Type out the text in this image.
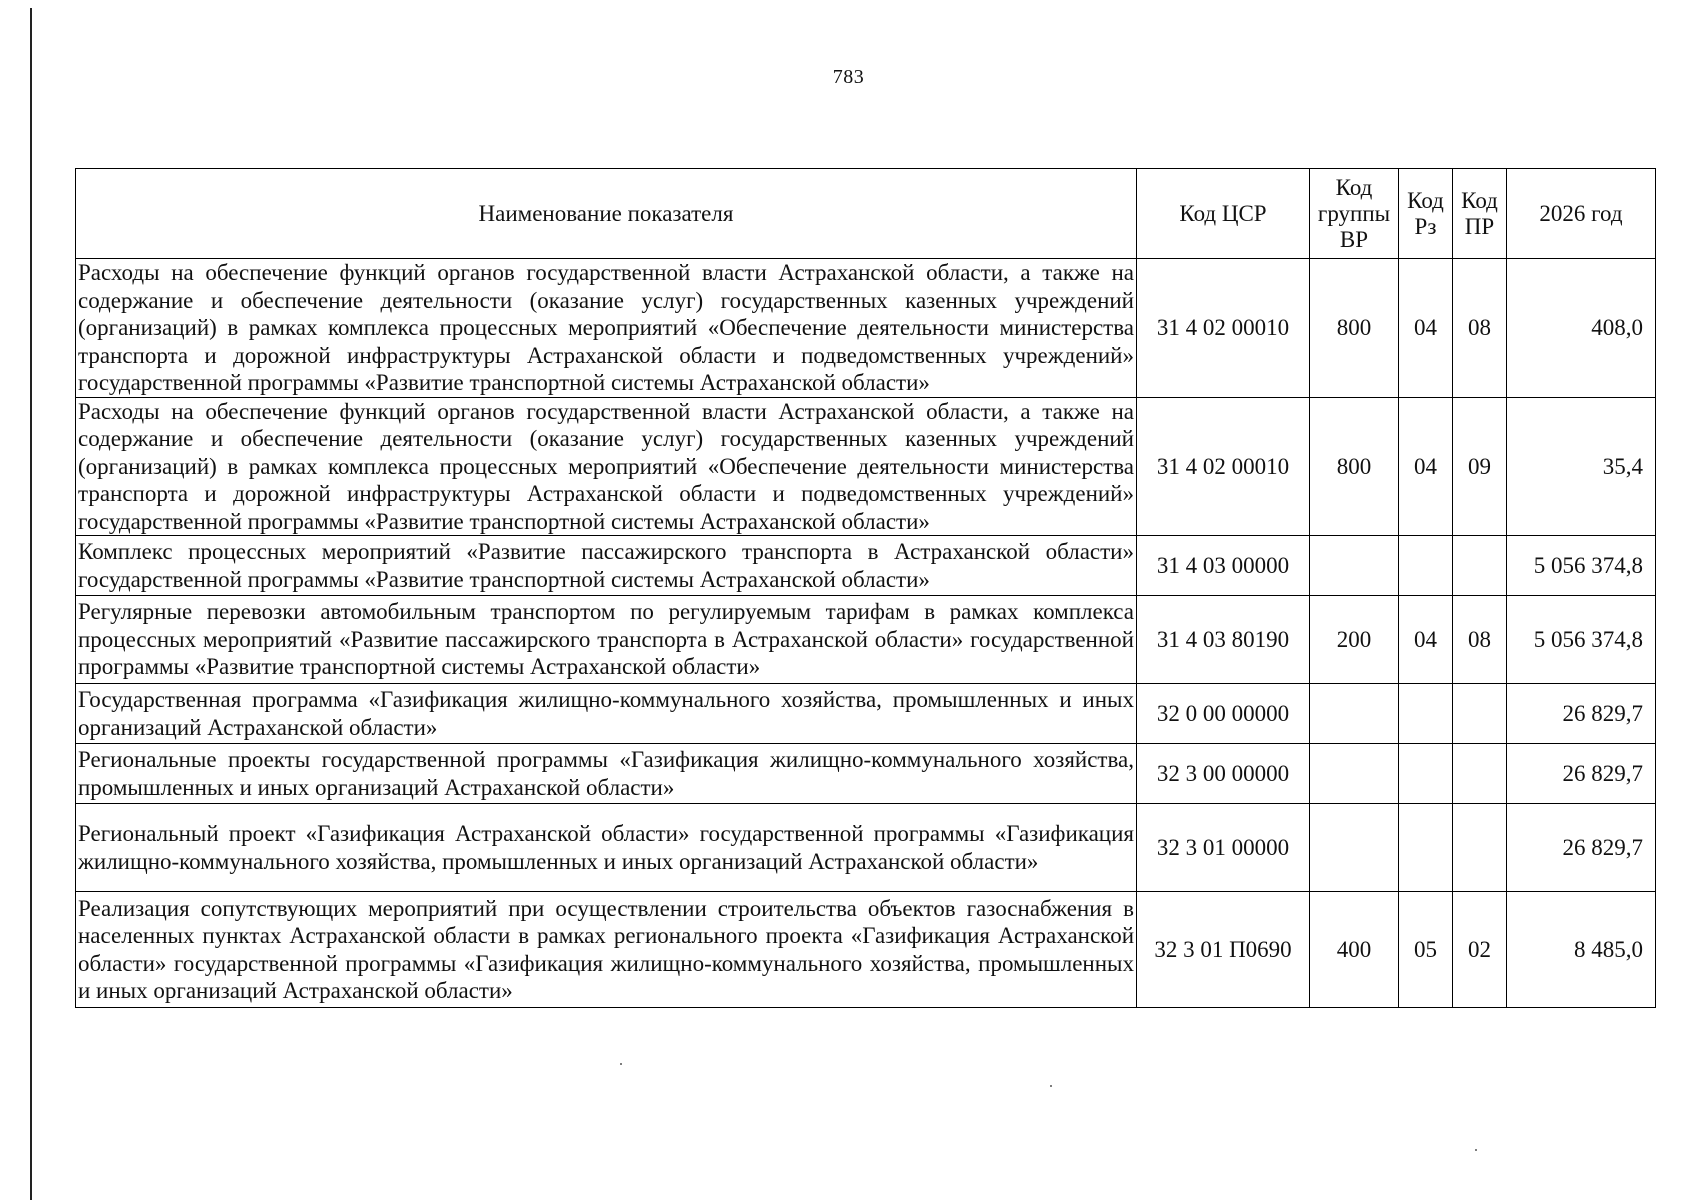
783
Наименование показателя	Код ЦСР	Код группы ВР	Код Рз	Код ПР	2026 год
Расходы на обеспечение функций органов государственной власти Астраханской области, а также на содержание и обеспечение деятельности (оказание услуг) государственных казенных учреждений (организаций) в рамках комплекса процессных мероприятий «Обеспечение деятельности министерства транспорта и дорожной инфраструктуры Астраханской области и подведомственных учреждений» государственной программы «Развитие транспортной системы Астраханской области»	31 4 02 00010	800	04	08	408,0
Расходы на обеспечение функций органов государственной власти Астраханской области, а также на содержание и обеспечение деятельности (оказание услуг) государственных казенных учреждений (организаций) в рамках комплекса процессных мероприятий «Обеспечение деятельности министерства транспорта и дорожной инфраструктуры Астраханской области и подведомственных учреждений» государственной программы «Развитие транспортной системы Астраханской области»	31 4 02 00010	800	04	09	35,4
Комплекс процессных мероприятий «Развитие пассажирского транспорта в Астраханской области» государственной программы «Развитие транспортной системы Астраханской области»	31 4 03 00000				5 056 374,8
Регулярные перевозки автомобильным транспортом по регулируемым тарифам в рамках комплекса процессных мероприятий «Развитие пассажирского транспорта в Астраханской области» государственной программы «Развитие транспортной системы Астраханской области»	31 4 03 80190	200	04	08	5 056 374,8
Государственная программа «Газификация жилищно-коммунального хозяйства, промышленных и иных организаций Астраханской области»	32 0 00 00000				26 829,7
Региональные проекты государственной программы «Газификация жилищно-коммунального хозяйства, промышленных и иных организаций Астраханской области»	32 3 00 00000				26 829,7
Региональный проект «Газификация Астраханской области» государственной программы «Газификация жилищно-коммунального хозяйства, промышленных и иных организаций Астраханской области»	32 3 01 00000				26 829,7
Реализация сопутствующих мероприятий при осуществлении строительства объектов газоснабжения в населенных пунктах Астраханской области в рамках регионального проекта «Газификация Астраханской области» государственной программы «Газификация жилищно-коммунального хозяйства, промышленных и иных организаций Астраханской области»	32 3 01 П0690	400	05	02	8 485,0
